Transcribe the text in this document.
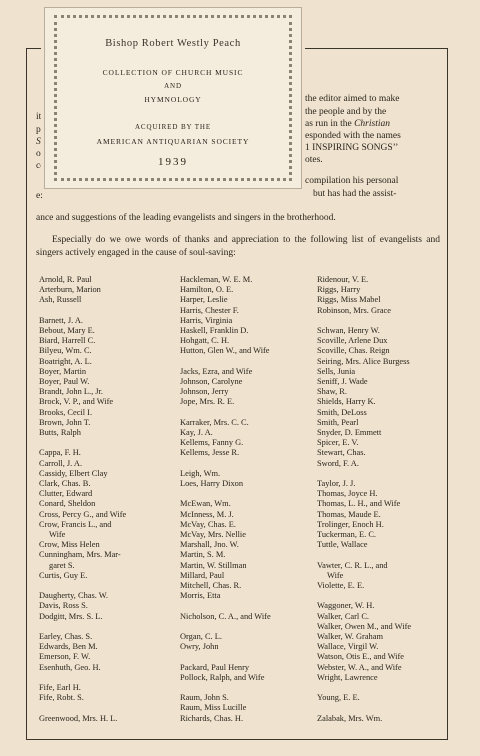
Bishop Robert Westly Peach
COLLECTION OF CHURCH MUSIC
AND
HYMNOLOGY
ACQUIRED BY THE
AMERICAN ANTIQUARIAN SOCIETY
1939
the editor aimed to make
the people and by the
as run in the Christian
esponded with the names
1 INSPIRING SONGS’’
otes.
compilation his personal
but has had the assist-
it
p
S
o
cc
e:
ance and suggestions of the leading evangelists and singers in the brotherhood.
Especially do we owe words of thanks and appreciation to the following list of evangelists and singers actively engaged in the cause of soul-saving:
Arnold, R. Paul
Arterburn, Marion
Ash, Russell
Barnett, J. A.
Bebout, Mary E.
Biard, Harrell C.
Bilyeu, Wm. C.
Boatright, A. L.
Boyer, Martin
Boyer, Paul W.
Brandt, John L., Jr.
Brock, V. P., and Wife
Brooks, Cecil I.
Brown, John T.
Butts, Ralph
Cappa, F. H.
Carroll, J. A.
Cassidy, Elbert Clay
Clark, Chas. B.
Clutter, Edward
Conard, Sheldon
Cross, Percy G., and Wife
Crow, Francis L., and
Wife
Crow, Miss Helen
Cunningham, Mrs. Mar-
garet S.
Curtis, Guy E.
Daugherty, Chas. W.
Davis, Ross S.
Dodgitt, Mrs. S. L.
Earley, Chas. S.
Edwards, Ben M.
Emerson, F. W.
Esenhuth, Geo. H.
Fife, Earl H.
Fife, Robt. S.
Greenwood, Mrs. H. L.
Hackleman, W. E. M.
Hamilton, O. E.
Harper, Leslie
Harris, Chester F.
Harris, Virginia
Haskell, Franklin D.
Hohgatt, C. H.
Hutton, Glen W., and Wife
Jacks, Ezra, and Wife
Johnson, Carolyne
Johnson, Jerry
Jope, Mrs. R. E.
Karraker, Mrs. C. C.
Kay, J. A.
Kellems, Fanny G.
Kellems, Jesse R.
Leigh, Wm.
Loes, Harry Dixon
McEwan, Wm.
McInness, M. J.
McVay, Chas. E.
McVay, Mrs. Nellie
Marshall, Jno. W.
Martin, S. M.
Martin, W. Stillman
Millard, Paul
Mitchell, Chas. R.
Morris, Etta
Nicholson, C. A., and Wife
Organ, C. L.
Owry, John
Packard, Paul Henry
Pollock, Ralph, and Wife
Raum, John S.
Raum, Miss Lucille
Richards, Chas. H.
Ridenour, V. E.
Riggs, Harry
Riggs, Miss Mabel
Robinson, Mrs. Grace
Schwan, Henry W.
Scoville, Arlene Dux
Scoville, Chas. Reign
Seiring, Mrs. Alice Burgess
Sells, Junia
Seniff, J. Wade
Shaw, R.
Shields, Harry K.
Smith, DeLoss
Smith, Pearl
Snyder, D. Emmett
Spicer, E. V.
Stewart, Chas.
Sword, F. A.
Taylor, J. J.
Thomas, Joyce H.
Thomas, L. H., and Wife
Thomas, Maude E.
Trolinger, Enoch H.
Tuckerman, E. C.
Tuttle, Wallace
Vawter, C. R. L., and
Wife
Violette, E. E.
Waggoner, W. H.
Walker, Carl C.
Walker, Owen M., and Wife
Walker, W. Graham
Wallace, Virgil W.
Watson, Otis E., and Wife
Webster, W. A., and Wife
Wright, Lawrence
Young, E. E.
Zalabak, Mrs. Wm.
